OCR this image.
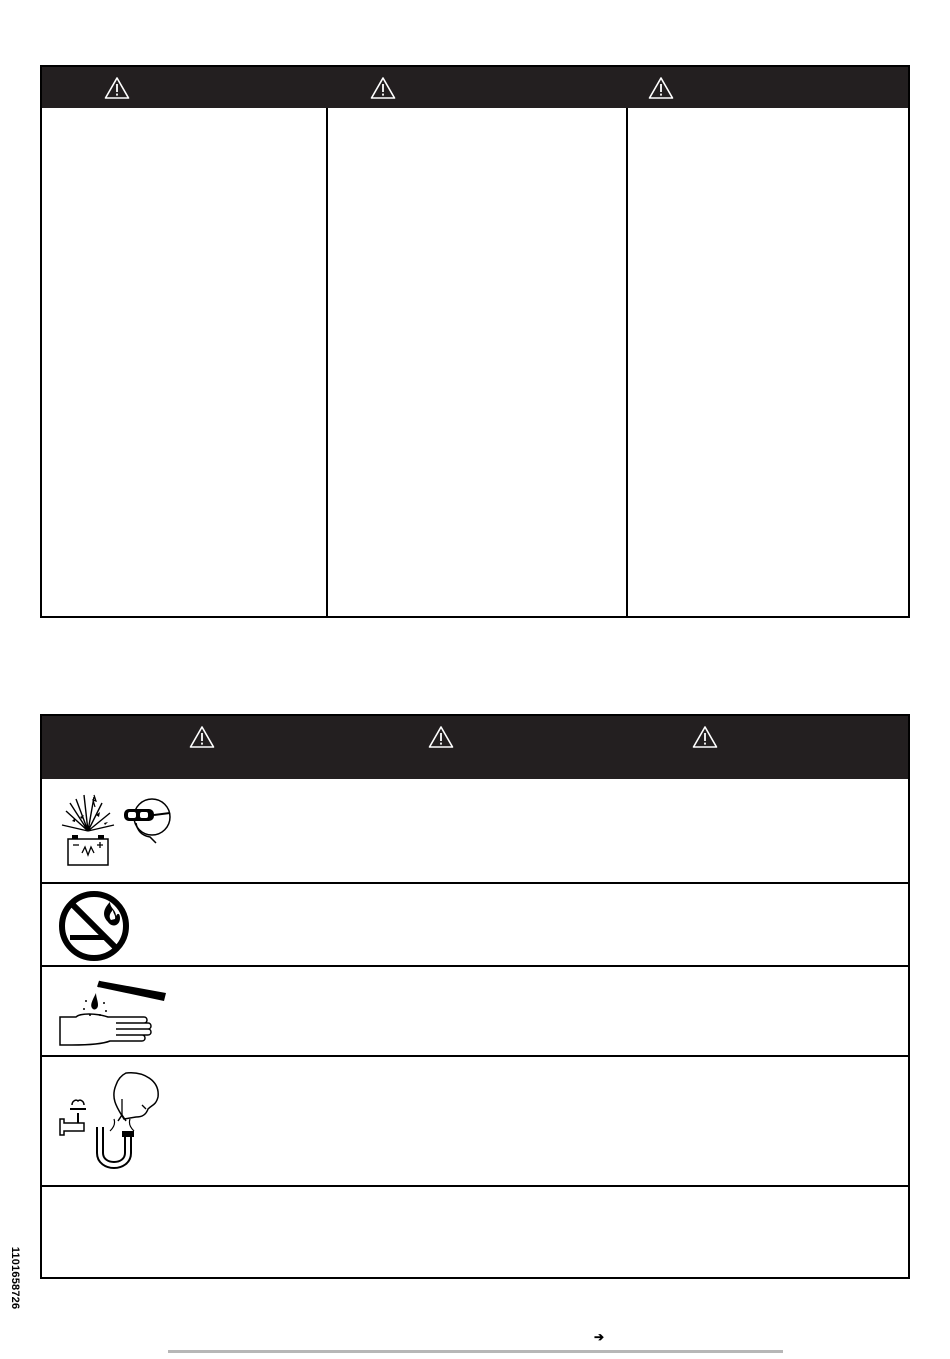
1101658726
➔
